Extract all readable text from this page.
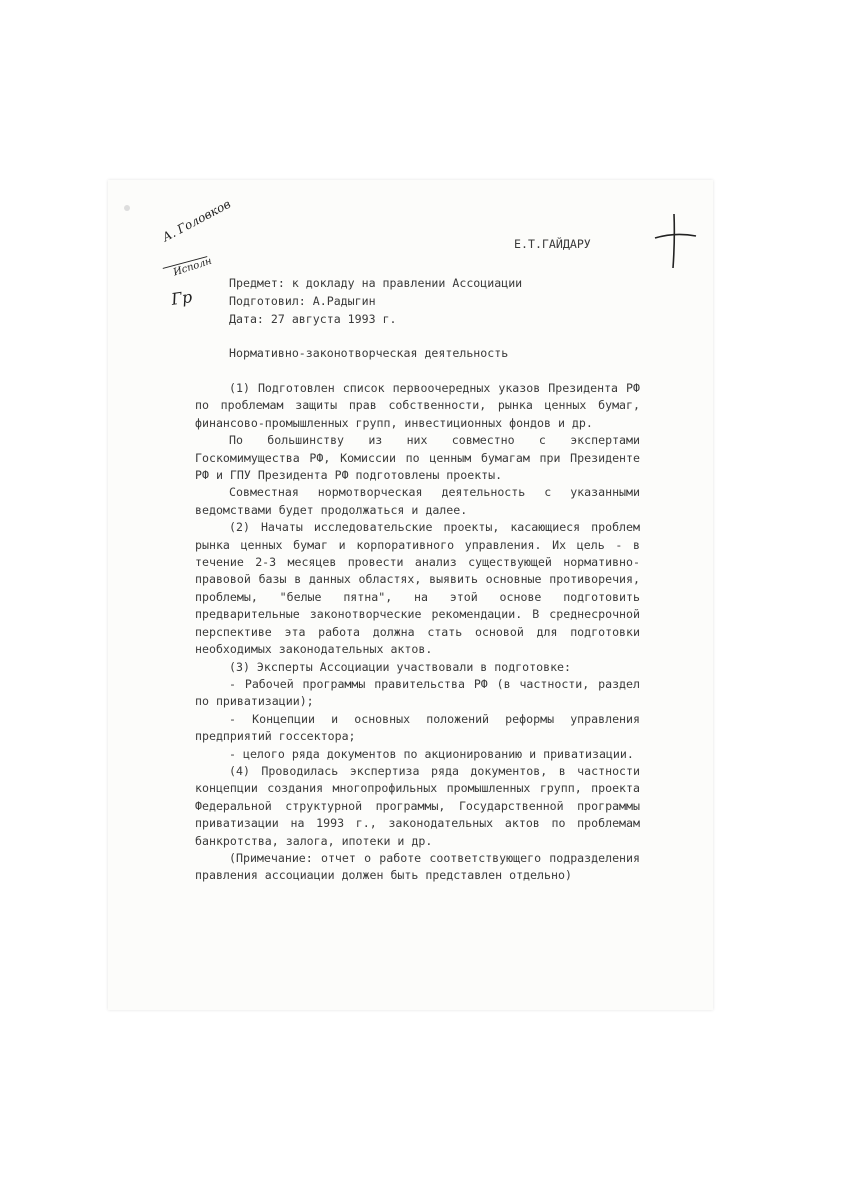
А. Головков
Исполн
Гр
Е.Т.ГАЙДАРУ
Предмет: к докладу на правлении Ассоциации
Подготовил: А.Радыгин
Дата: 27 августа 1993 г.
Нормативно-законотворческая деятельность

(1) Подготовлен список первоочередных указов Президента РФ по проблемам защиты прав собственности, рынка ценных бумаг, финансово-промышленных групп, инвестиционных фондов и др.

По большинству из них совместно с экспертами Госкомимущества РФ, Комиссии по ценным бумагам при Президенте РФ и ГПУ Президента РФ подготовлены проекты.

Совместная нормотворческая деятельность с указанными ведомствами будет продолжаться и далее.

(2) Начаты исследовательские проекты, касающиеся проблем рынка ценных бумаг и корпоративного управления. Их цель - в течение 2-3 месяцев провести анализ существующей нормативно-правовой базы в данных областях, выявить основные противоречия, проблемы, "белые пятна", на этой основе подготовить предварительные законотворческие рекомендации. В среднесрочной перспективе эта работа должна стать основой для подготовки необходимых законодательных актов.

(3) Эксперты Ассоциации участвовали в подготовке:

- Рабочей программы правительства РФ (в частности, раздел по приватизации);

- Концепции и основных положений реформы управления предприятий госсектора;

- целого ряда документов по акционированию и приватизации.

(4) Проводилась экспертиза ряда документов, в частности концепции создания многопрофильных промышленных групп, проекта Федеральной структурной программы, Государственной программы приватизации на 1993 г., законодательных актов по проблемам банкротства, залога, ипотеки и др.

(Примечание: отчет о работе соответствующего подразделения правления ассоциации должен быть представлен отдельно)
